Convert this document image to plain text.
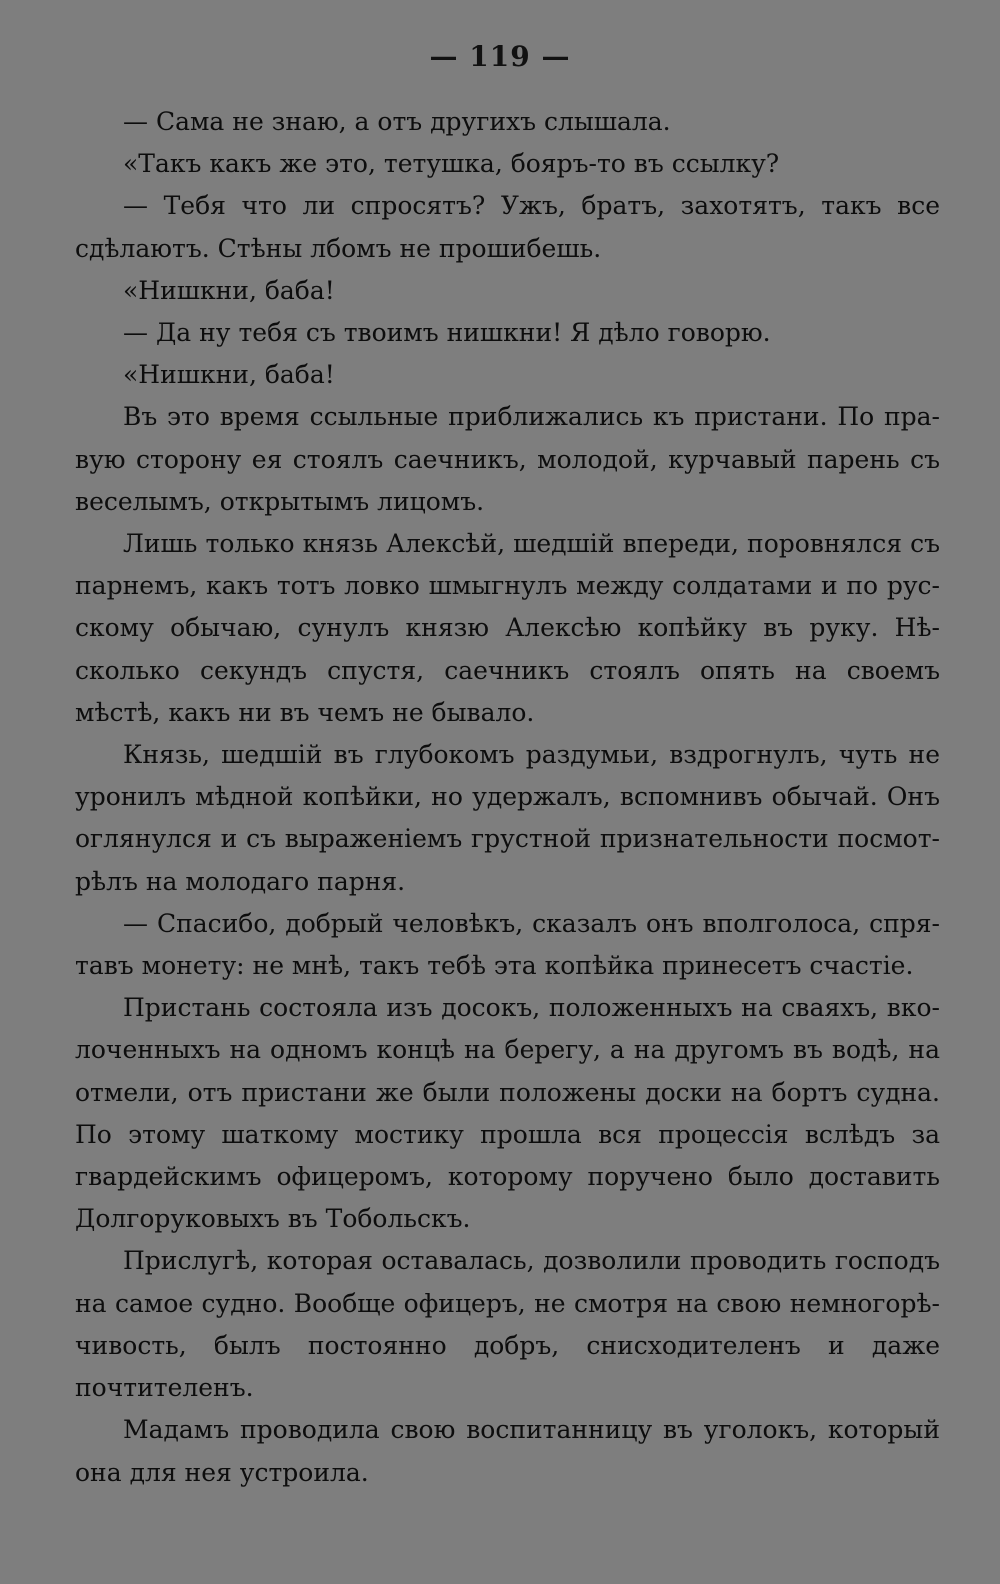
— 119 —

— Сама не знаю, а отъ другихъ слышала.

«Такъ какъ же это, тетушка, бояръ-то въ ссылку?

— Тебя что ли спросятъ? Ужъ, братъ, захотятъ, такъ все сдѣлаютъ. Стѣны лбомъ не прошибешь.

«Нишкни, баба!

— Да ну тебя съ твоимъ нишкни! Я дѣло говорю.

«Нишкни, баба!

Въ это время ссыльные приближались къ пристани. По правую сторону ея стоялъ саечникъ, молодой, курчавый парень съ веселымъ, открытымъ лицомъ.

Лишь только князь Алексѣй, шедшій впереди, поровнялся съ парнемъ, какъ тотъ ловко шмыгнулъ между солдатами и по русскому обычаю, сунулъ князю Алексѣю копѣйку въ руку. Нѣсколько секундъ спустя, саечникъ стоялъ опять на своемъ мѣстѣ, какъ ни въ чемъ не бывало.

Князь, шедшій въ глубокомъ раздумьи, вздрогнулъ, чуть не уронилъ мѣдной копѣйки, но удержалъ, вспомнивъ обычай. Онъ оглянулся и съ выраженіемъ грустной признательности посмотрѣлъ на молодаго парня.

— Спасибо, добрый человѣкъ, сказалъ онъ вполголоса, спрятавъ монету: не мнѣ, такъ тебѣ эта копѣйка принесетъ счастіе.

Пристань состояла изъ досокъ, положенныхъ на сваяхъ, вколоченныхъ на одномъ концѣ на берегу, а на другомъ въ водѣ, на отмели, отъ пристани же были положены доски на бортъ судна. По этому шаткому мостику прошла вся процессія вслѣдъ за гвардейскимъ офицеромъ, которому поручено было доставить Долгоруковыхъ въ Тобольскъ.

Прислугѣ, которая оставалась, дозволили проводить господъ на самое судно. Вообще офицеръ, не смотря на свою немногорѣчивость, былъ постоянно добръ, снисходителенъ и даже почтителенъ.

Мадамъ проводила свою воспитанницу въ уголокъ, который она для нея устроила.
